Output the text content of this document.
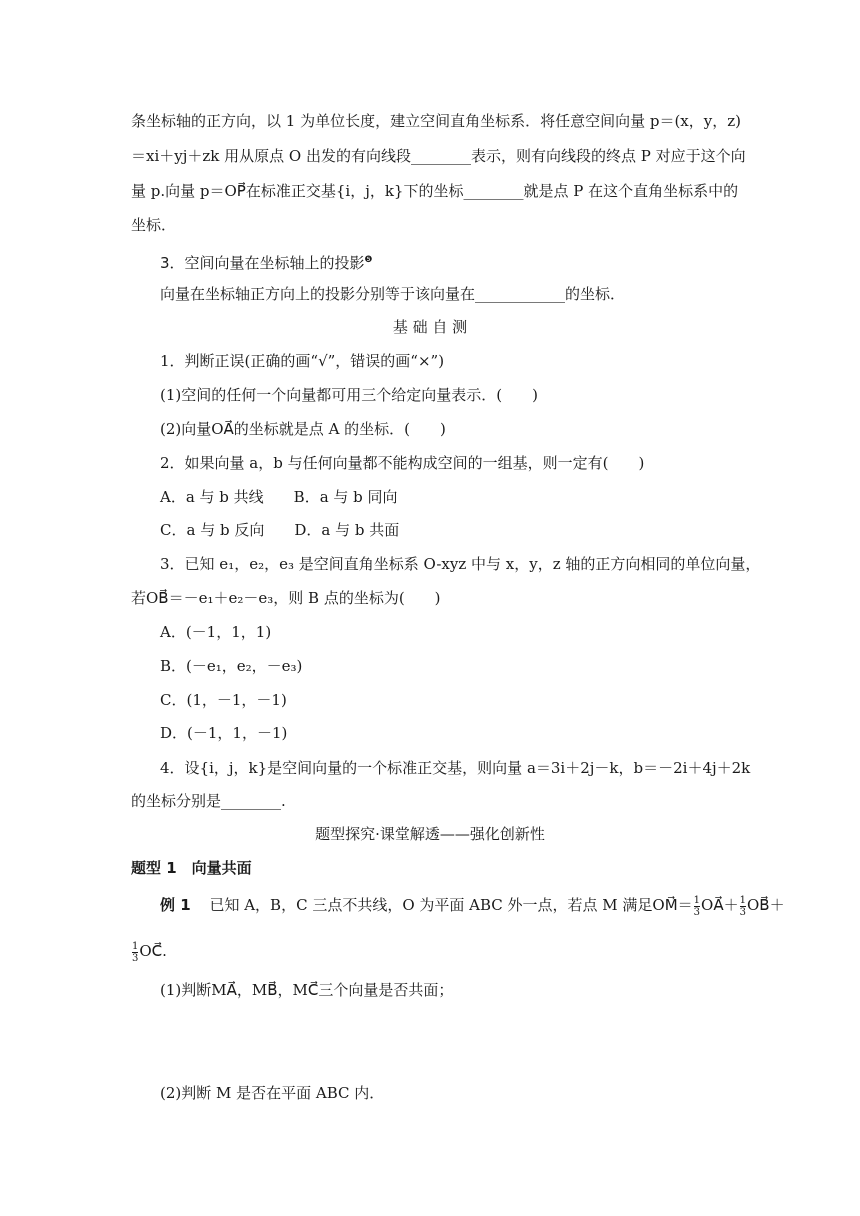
条坐标轴的正方向，以 1 为单位长度，建立空间直角坐标系．将任意空间向量 p＝(x，y，z)
＝xi＋yj＋zk 用从原点 O 出发的有向线段________表示，则有向线段的终点 P 对应于这个向
量 p.向量 p＝OP⃗在标准正交基{i，j，k}下的坐标________就是点 P 在这个直角坐标系中的
坐标．
3．空间向量在坐标轴上的投影$^❺$
向量在坐标轴正方向上的投影分别等于该向量在____________的坐标．
基 础 自 测
1．判断正误(正确的画“√”，错误的画“×”)
(1)空间的任何一个向量都可用三个给定向量表示．(　　)
(2)向量OA⃗的坐标就是点 A 的坐标．(　　)
2．如果向量 a，b 与任何向量都不能构成空间的一组基，则一定有(　　)
A．a 与 b 共线　　B．a 与 b 同向
C．a 与 b 反向　　D．a 与 b 共面
3．已知 e₁，e₂，e₃ 是空间直角坐标系 O-xyz 中与 x，y，z 轴的正方向相同的单位向量，
若OB⃗＝－e₁＋e₂－e₃，则 B 点的坐标为(　　)
A．(－1，1，1)
B．(－e₁，e₂，－e₃)
C．(1，－1，－1)
D．(－1，1，－1)
4．设{i，j，k}是空间向量的一个标准正交基，则向量 a＝3i＋2j－k，b＝－2i＋4j＋2k
的坐标分别是________.
题型探究·课堂解透——强化创新性
题型 1　向量共面
例 1 已知 A，B，C 三点不共线，O 为平面 ABC 外一点，若点 M 满足OM⃗＝ $\frac{1}{3}$ OA⃗＋ $\frac{1}{3}$ OB⃗＋
$\frac{1}{3}$ OC⃗.
(1)判断MA⃗，MB⃗，MC⃗三个向量是否共面；
(2)判断 M 是否在平面 ABC 内．
